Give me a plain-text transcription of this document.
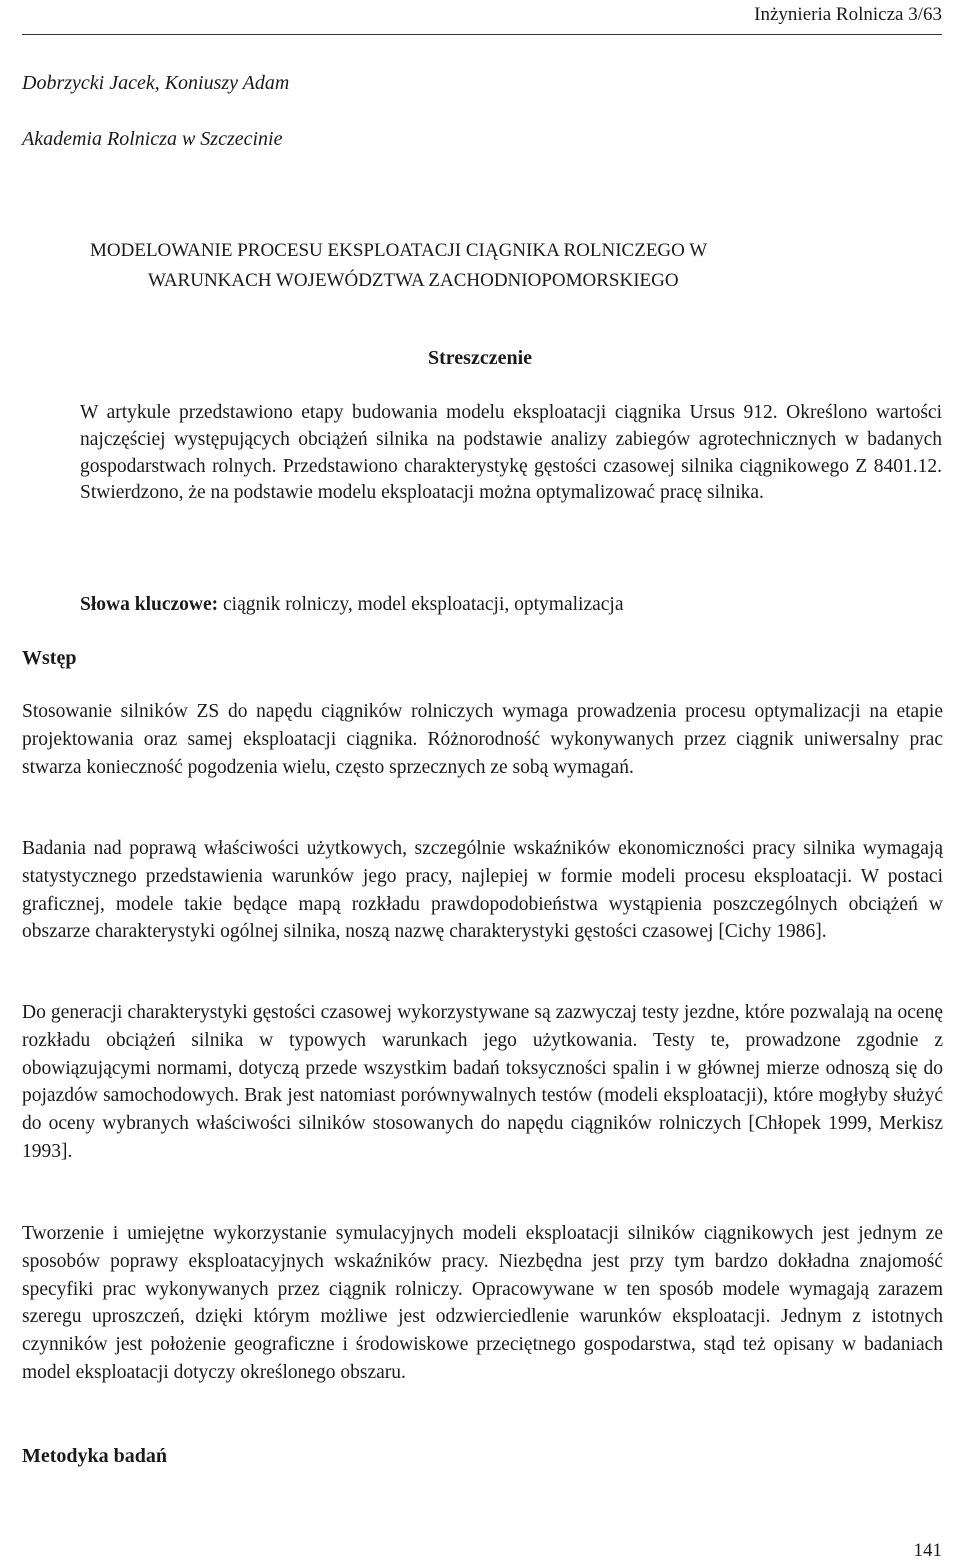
Inżynieria Rolnicza 3/63
Dobrzycki Jacek, Koniuszy Adam
Akademia Rolnicza w Szczecinie
MODELOWANIE PROCESU EKSPLOATACJI CIĄGNIKA ROLNICZEGO W
WARUNKACH WOJEWÓDZTWA ZACHODNIOPOMORSKIEGO
Streszczenie

W artykule przedstawiono etapy budowania modelu eksploatacji ciągnika Ursus 912. Określono wartości najczęściej występujących obciążeń silnika na podstawie analizy zabiegów agrotechnicznych w badanych gospodarstwach rolnych. Przedstawiono charakterystykę gęstości czasowej silnika ciągnikowego Z 8401.12. Stwierdzono, że na podstawie modelu eksploatacji można optymalizować pracę silnika.

Słowa kluczowe: ciągnik rolniczy, model eksploatacji, optymalizacja
Wstęp

Stosowanie silników ZS do napędu ciągników rolniczych wymaga prowadzenia procesu optymalizacji na etapie projektowania oraz samej eksploatacji ciągnika. Różnorodność wykonywanych przez ciągnik uniwersalny prac stwarza konieczność pogodzenia wielu, często sprzecznych ze sobą wymagań.

Badania nad poprawą właściwości użytkowych, szczególnie wskaźników ekonomiczności pracy silnika wymagają statystycznego przedstawienia warunków jego pracy, najlepiej w formie modeli procesu eksploatacji. W postaci graficznej, modele takie będące mapą rozkładu prawdopodobieństwa wystąpienia poszczególnych obciążeń w obszarze charakterystyki ogólnej silnika, noszą nazwę charakterystyki gęstości czasowej [Cichy 1986].

Do generacji charakterystyki gęstości czasowej wykorzystywane są zazwyczaj testy jezdne, które pozwalają na ocenę rozkładu obciążeń silnika w typowych warunkach jego użytkowania. Testy te, prowadzone zgodnie z obowiązującymi normami, dotyczą przede wszystkim badań toksyczności spalin i w głównej mierze odnoszą się do pojazdów samochodowych. Brak jest natomiast porównywalnych testów (modeli eksploatacji), które mogłyby służyć do oceny wybranych właściwości silników stosowanych do napędu ciągników rolniczych [Chłopek 1999, Merkisz 1993].

Tworzenie i umiejętne wykorzystanie symulacyjnych modeli eksploatacji silników ciągnikowych jest jednym ze sposobów poprawy eksploatacyjnych wskaźników pracy. Niezbędna jest przy tym bardzo dokładna znajomość specyfiki prac wykonywanych przez ciągnik rolniczy. Opracowywane w ten sposób modele wymagają zarazem szeregu uproszczeń, dzięki którym możliwe jest odzwierciedlenie warunków eksploatacji. Jednym z istotnych czynników jest położenie geograficzne i środowiskowe przeciętnego gospodarstwa, stąd też opisany w badaniach model eksploatacji dotyczy określonego obszaru.

Metodyka badań
141
